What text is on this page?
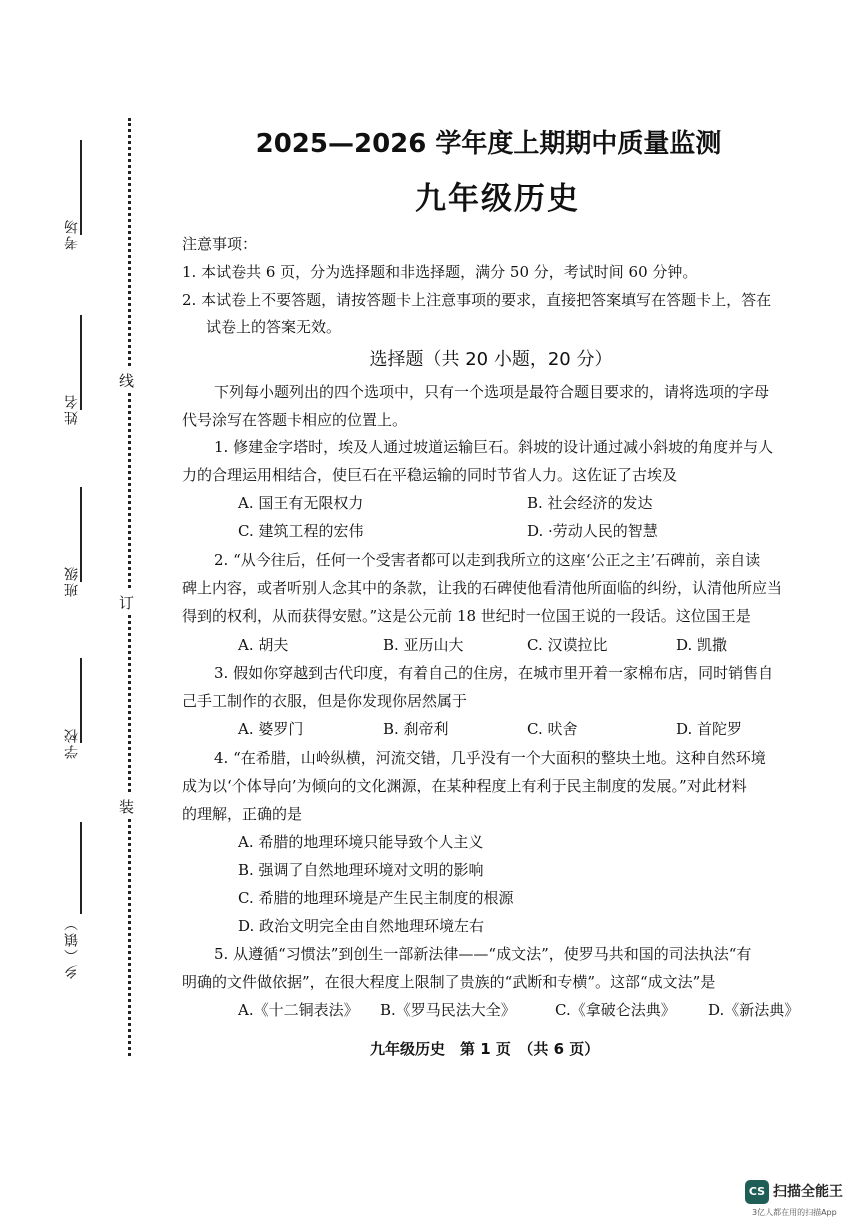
考场
姓名
班级
学校
乡（镇）
线
订
装
2025—2026 学年度上期期中质量监测
九年级历史
注意事项：
1. 本试卷共 6 页，分为选择题和非选择题，满分 50 分，考试时间 60 分钟。
2. 本试卷上不要答题，请按答题卡上注意事项的要求，直接把答案填写在答题卡上，答在
试卷上的答案无效。
选择题（共 20 小题，20 分）
下列每小题列出的四个选项中，只有一个选项是最符合题目要求的，请将选项的字母
代号涂写在答题卡相应的位置上。
1. 修建金字塔时，埃及人通过坡道运输巨石。斜坡的设计通过减小斜坡的角度并与人
力的合理运用相结合，使巨石在平稳运输的同时节省人力。这佐证了古埃及
A. 国王有无限权力	B. 社会经济的发达
C. 建筑工程的宏伟	D. ·劳动人民的智慧
2. “从今往后，任何一个受害者都可以走到我所立的这座‘公正之主’石碑前，亲自读
碑上内容，或者听别人念其中的条款，让我的石碑使他看清他所面临的纠纷，认清他所应当
得到的权利，从而获得安慰。”这是公元前 18 世纪时一位国王说的一段话。这位国王是
A. 胡夫	B. 亚历山大	C. 汉谟拉比	D. 凯撒
3. 假如你穿越到古代印度，有着自己的住房，在城市里开着一家棉布店，同时销售自
己手工制作的衣服，但是你发现你居然属于
A. 婆罗门	B. 刹帝利	C. 吠舍	D. 首陀罗
4. “在希腊，山岭纵横，河流交错，几乎没有一个大面积的整块土地。这种自然环境
成为以‘个体导向’为倾向的文化渊源，在某种程度上有利于民主制度的发展。”对此材料
的理解，正确的是
A. 希腊的地理环境只能导致个人主义
B. 强调了自然地理环境对文明的影响
C. 希腊的地理环境是产生民主制度的根源
D. 政治文明完全由自然地理环境左右
5. 从遵循“习惯法”到创生一部新法律——“成文法”，使罗马共和国的司法执法“有
明确的文件做依据”，在很大程度上限制了贵族的“武断和专横”。这部“成文法”是
A.《十二铜表法》 B.《罗马民法大全》	C.《拿破仑法典》 D.《新法典》
九年级历史　第 1 页　（共 6 页）
CS 扫描全能王
3亿人都在用的扫描App
